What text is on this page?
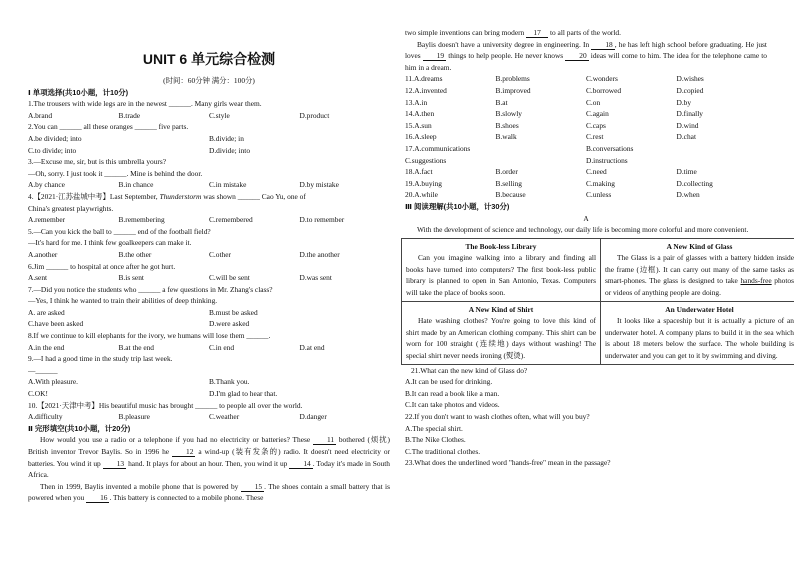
UNIT 6 单元综合检测
(时间：60分钟 满分：100分)
Ⅰ 单项选择(共10小题，计10分)
1.The trousers with wide legs are in the newest ______. Many girls wear them.
A.brand	B.trade	C.style	D.product
2.You can ______ all these oranges ______ five parts.
A.be divided; into	B.divide; in
C.to divide; into	D.divide; into
3.—Excuse me, sir, but is this umbrella yours?
—Oh, sorry. I just took it ______. Mine is behind the door.
A.by chance	B.in chance	C.in mistake	D.by mistake
4.【2021·江苏盐城中考】Last September, Thunderstorm was shown ______ Cao Yu, one of
China's greatest playwrights.
A.remember	B.remembering	C.remembered	D.to remember
5.—Can you kick the ball to ______ end of the football field?
—It's hard for me. I think few goalkeepers can make it.
A.another	B.the other	C.other	D.the another
6.Jim ______ to hospital at once after he got hurt.
A.sent	B.is sent	C.will be sent	D.was sent
7.—Did you notice the students who ______ a few questions in Mr. Zhang's class?
—Yes, I think he wanted to train their abilities of deep thinking.
A. are asked	B.must be asked
C.have been asked	D.were asked
8.If we continue to kill elephants for the ivory, we humans will lose them ______.
A.in the end	B.at the end	C.in end	D.at end
9.—I had a good time in the study trip last week.
—______
A.With pleasure.	B.Thank you.
C.OK!	D.I'm glad to hear that.
10.【2021·天津中考】His beautiful music has brought ______ to people all over the world.
A.difficulty	B.pleasure	C.weather	D.danger
Ⅱ 完形填空(共10小题，计20分)
How would you use a radio or a telephone if you had no electricity or batteries? These 11 bothered (烦扰) British inventor Trevor Baylis. So in 1996 he 12 a wind-up (装有发条的) radio. It doesn't need electricity or batteries. You wind it up 13 hand. It plays for about an hour. Then, you wind it up 14 . Today it's made in South Africa.
Then in 1999, Baylis invented a mobile phone that is powered by 15 . The shoes contain a small battery that is powered when you 16 . This battery is connected to a mobile phone. These
two simple inventions can bring modern 17 to all parts of the world.
Baylis doesn't have a university degree in engineering. In 18 , he has left high school before graduating. He just loves 19 things to help people. He never knows 20 ideas will come to him. The idea for the telephone came to him in a dream.
11.A.dreams	B.problems	C.wonders	D.wishes
12.A.invented	B.improved	C.borrowed	D.copied
13.A.in	B.at	C.on	D.by
14.A.then	B.slowly	C.again	D.finally
15.A.sun	B.shoes	C.caps	D.wind
16.A.sleep	B.walk	C.rest	D.chat
17.A.communications	B.conversations
C.suggestions	D.instructions
18.A.fact	B.order	C.need	D.time
19.A.buying	B.selling	C.making	D.collecting
20.A.while	B.because	C.unless	D.when
Ⅲ 阅读理解(共10小题，计30分)
A
With the development of science and technology, our daily life is becoming more colorful and more convenient.
The Book-less Library
Can you imagine walking into a library and finding all books have turned into computers? The first book-less public library is planned to open in San Antonio, Texas. Computers will take the place of books soon.
A New Kind of Glass
The Glass is a pair of glasses with a battery hidden inside the frame (边框). It can carry out many of the same tasks as smart-phones. The glass is designed to take hands-free photos or videos of anything people are doing.
A New Kind of Shirt
Hate washing clothes? You're going to love this kind of shirt made by an American clothing company. This shirt can be worn for 100 straight (连续地) days without washing! The special shirt never needs ironing (熨烫).
An Underwater Hotel
It looks like a spaceship but it is actually a picture of an underwater hotel. A company plans to build it in the sea which is about 18 meters below the surface. The whole building is underwater and you can get to it by swimming and diving.
21.What can the new kind of Glass do?
A.It can be used for drinking.
B.It can read a book like a man.
C.It can take photos and videos.
22.If you don't want to wash clothes often, what will you buy?
A.The special shirt.
B.The Nike Clothes.
C.The traditional clothes.
23.What does the underlined word "hands-free" mean in the passage?
